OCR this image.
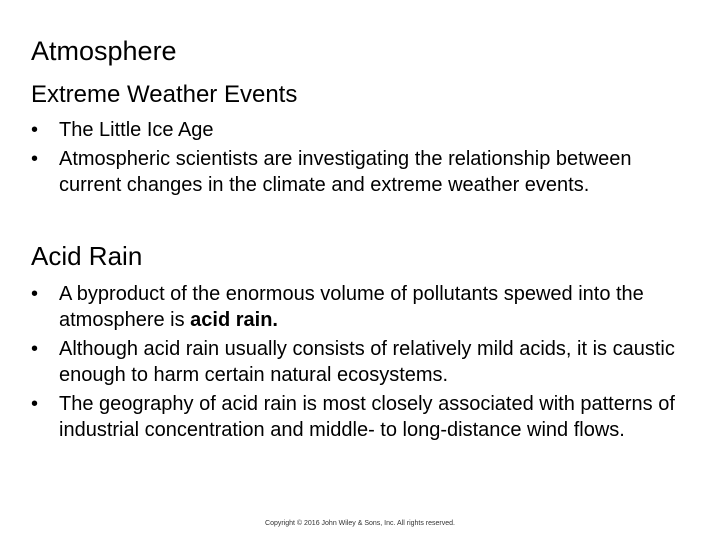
Atmosphere
Extreme Weather Events
• The Little Ice Age
• Atmospheric scientists are investigating the relationship between current changes in the climate and extreme weather events.
Acid Rain
• A byproduct of the enormous volume of pollutants spewed into the atmosphere is acid rain.
• Although acid rain usually consists of relatively mild acids, it is caustic enough to harm certain natural ecosystems.
• The geography of acid rain is most closely associated with patterns of industrial concentration and middle- to long-distance wind flows.
Copyright © 2016 John Wiley & Sons, Inc. All rights reserved.
